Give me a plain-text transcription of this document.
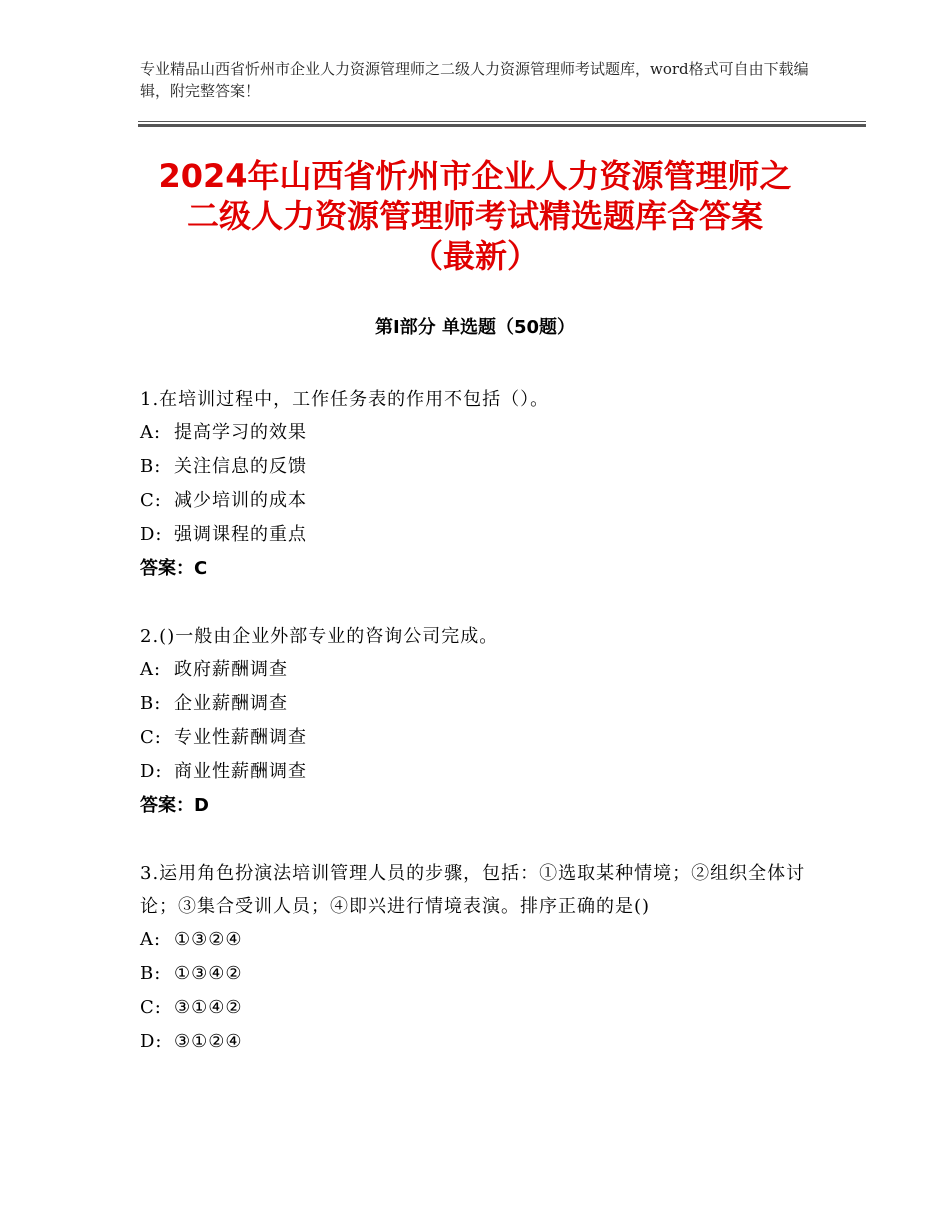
专业精品山西省忻州市企业人力资源管理师之二级人力资源管理师考试题库，word格式可自由下载编辑，附完整答案！
2024年山西省忻州市企业人力资源管理师之
二级人力资源管理师考试精选题库含答案
（最新）
第Ⅰ部分 单选题（50题）
1.在培训过程中，工作任务表的作用不包括（）。
A: 提高学习的效果
B: 关注信息的反馈
C: 减少培训的成本
D: 强调课程的重点
答案：C
2.()一般由企业外部专业的咨询公司完成。
A: 政府薪酬调查
B: 企业薪酬调查
C: 专业性薪酬调查
D: 商业性薪酬调查
答案：D
3.运用角色扮演法培训管理人员的步骤，包括：①选取某种情境；②组织全体讨论；③集合受训人员；④即兴进行情境表演。排序正确的是()
A: ①③②④
B: ①③④②
C: ③①④②
D: ③①②④
